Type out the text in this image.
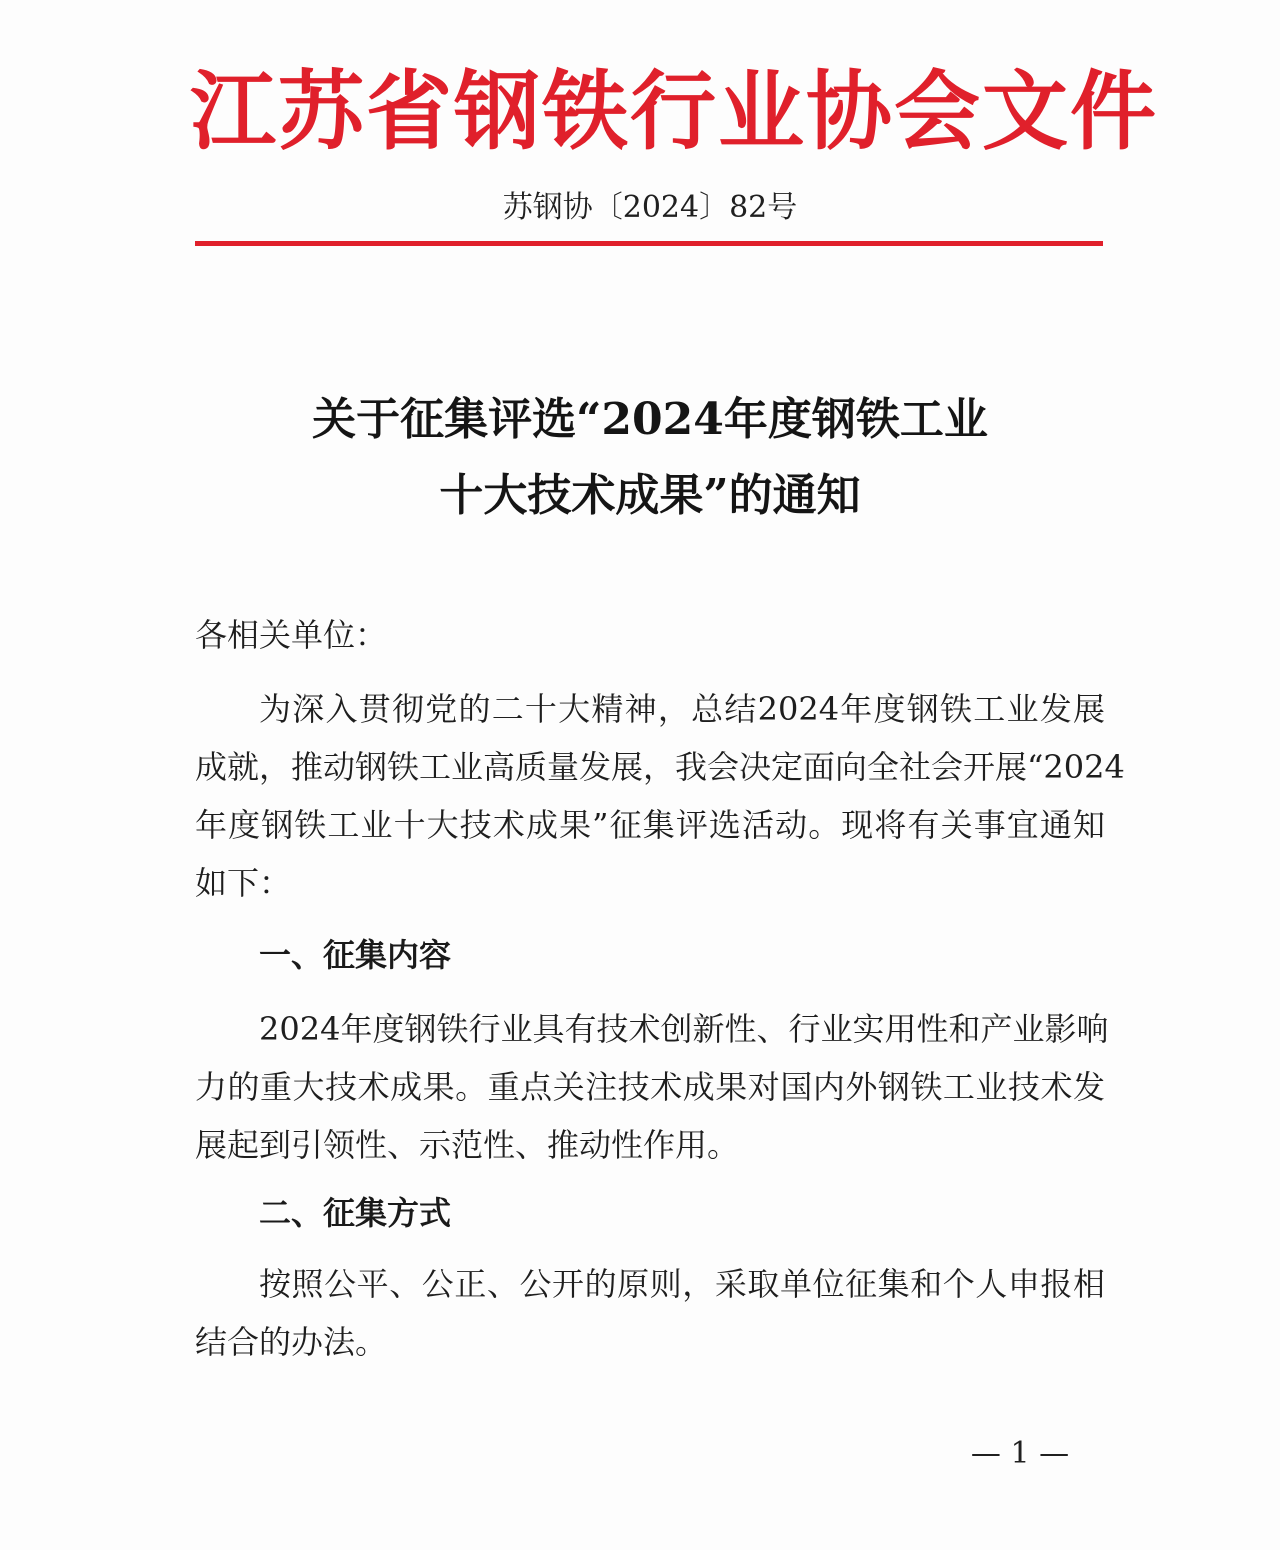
江苏省钢铁行业协会文件
苏钢协〔2024〕82号
关于征集评选“2024年度钢铁工业
十大技术成果”的通知
各相关单位：
为深入贯彻党的二十大精神，总结2024年度钢铁工业发展
成就，推动钢铁工业高质量发展，我会决定面向全社会开展“2024
年度钢铁工业十大技术成果”征集评选活动。现将有关事宜通知
如下：
一、征集内容
2024年度钢铁行业具有技术创新性、行业实用性和产业影响
力的重大技术成果。重点关注技术成果对国内外钢铁工业技术发
展起到引领性、示范性、推动性作用。
二、征集方式
按照公平、公正、公开的原则，采取单位征集和个人申报相
结合的办法。
— 1 —
